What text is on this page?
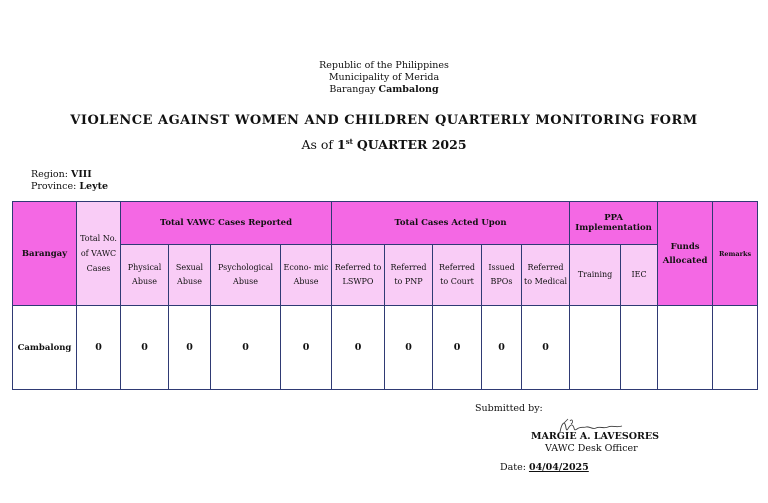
Republic of the Philippines
Municipality of Merida
Barangay Cambalong
VIOLENCE AGAINST WOMEN AND CHILDREN QUARTERLY MONITORING FORM
As of 1st QUARTER 2025
Region: VIII
Province: Leyte
Barangay	Total No. of VAWC Cases	Total VAWC Cases Reported				Total Cases Acted Upon					PPA Implementation		Funds Allocated	Remarks
		Physical Abuse	Sexual Abuse	Psychological Abuse	Econo- mic Abuse	Referred to LSWPO	Referred to PNP	Referred to Court	Issued BPOs	Referred to Medical	Training	IEC		
Cambalong	0	0	0	0	0	0	0	0	0	0				
Submitted by:
MARGIE A. LAVESORES
VAWC Desk Officer
Date: 04/04/2025
